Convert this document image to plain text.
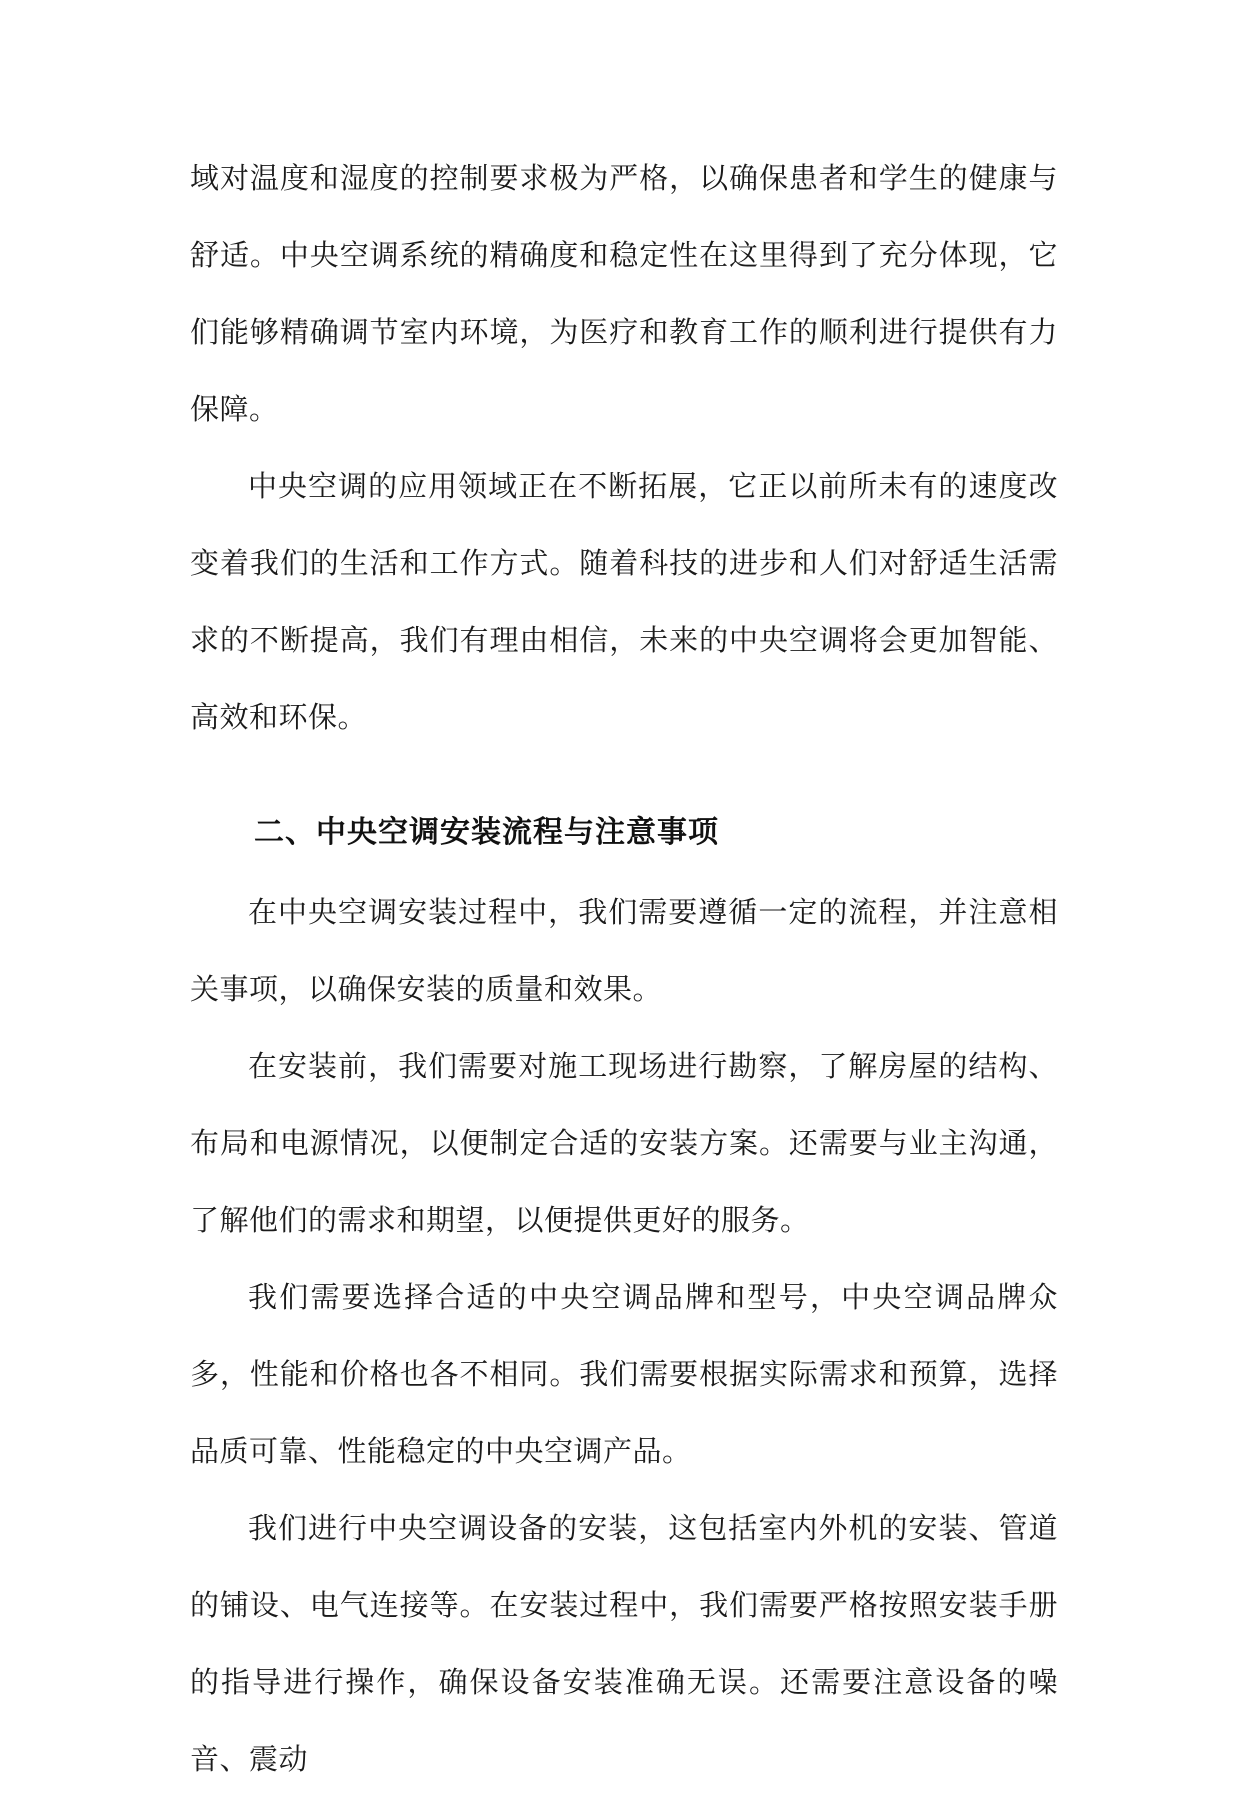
域对温度和湿度的控制要求极为严格，以确保患者和学生的健康与舒适。中央空调系统的精确度和稳定性在这里得到了充分体现，它们能够精确调节室内环境，为医疗和教育工作的顺利进行提供有力保障。

中央空调的应用领域正在不断拓展，它正以前所未有的速度改变着我们的生活和工作方式。随着科技的进步和人们对舒适生活需求的不断提高，我们有理由相信，未来的中央空调将会更加智能、高效和环保。

二、中央空调安装流程与注意事项

在中央空调安装过程中，我们需要遵循一定的流程，并注意相关事项，以确保安装的质量和效果。

在安装前，我们需要对施工现场进行勘察，了解房屋的结构、布局和电源情况，以便制定合适的安装方案。还需要与业主沟通，了解他们的需求和期望，以便提供更好的服务。

我们需要选择合适的中央空调品牌和型号，中央空调品牌众多，性能和价格也各不相同。我们需要根据实际需求和预算，选择品质可靠、性能稳定的中央空调产品。

我们进行中央空调设备的安装，这包括室内外机的安装、管道的铺设、电气连接等。在安装过程中，我们需要严格按照安装手册的指导进行操作，确保设备安装准确无误。还需要注意设备的噪音、震动
